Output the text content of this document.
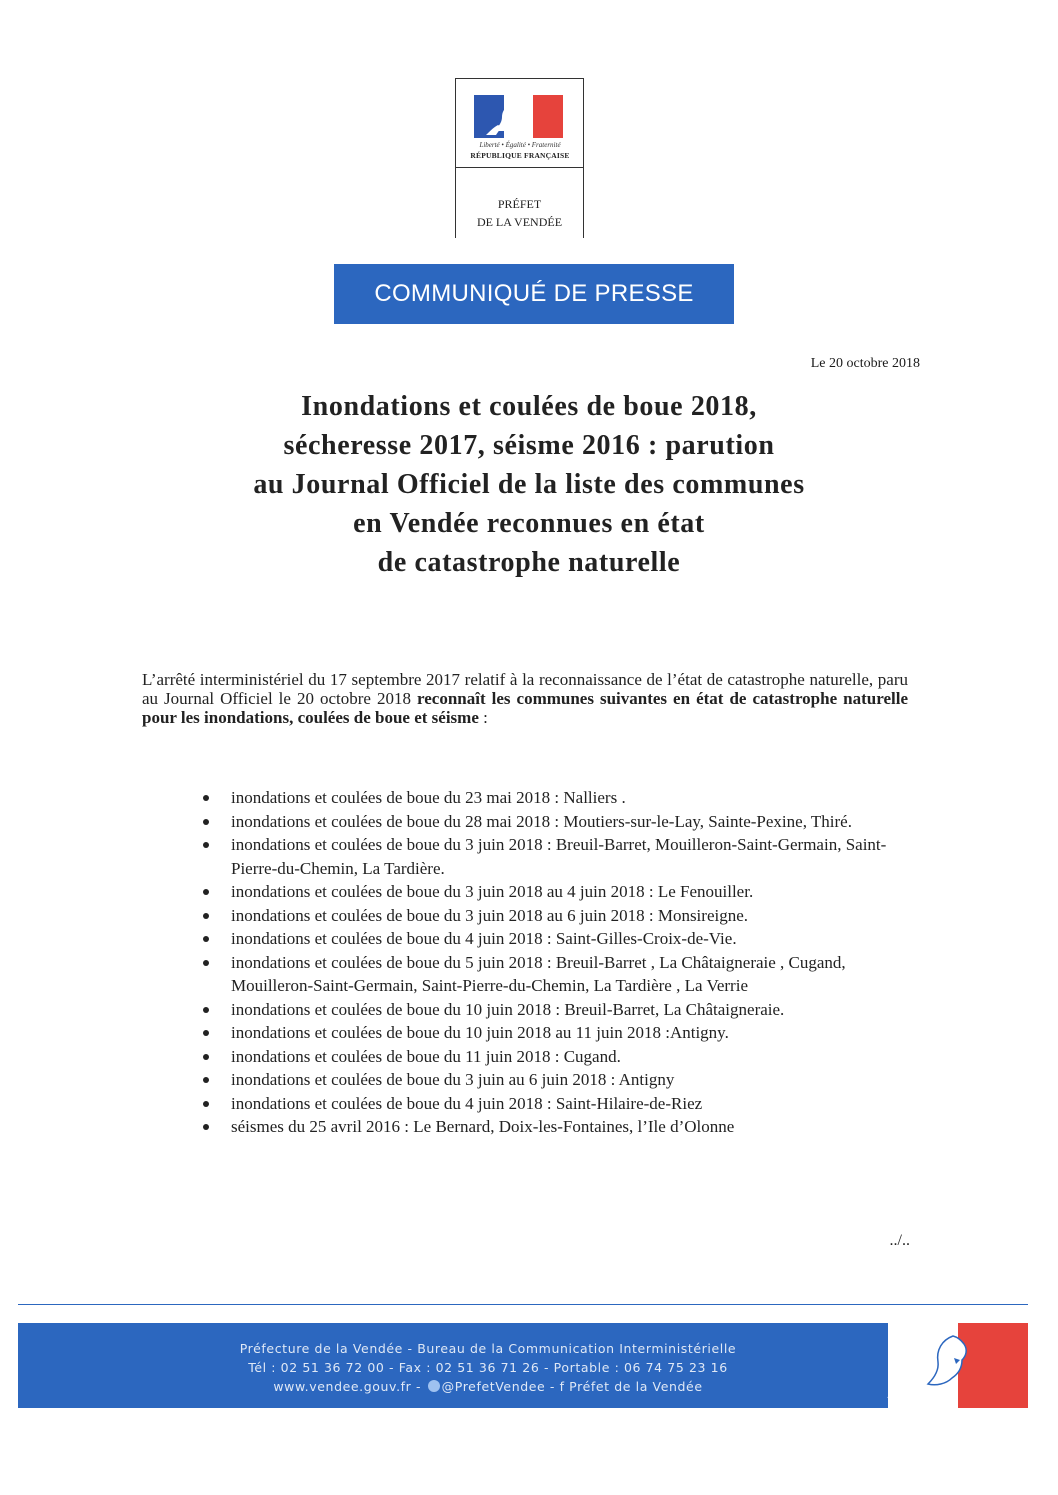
Liberté • Égalité • Fraternité
RÉPUBLIQUE FRANÇAISE
PRÉFET
DE LA VENDÉE
COMMUNIQUÉ DE PRESSE
Le 20 octobre 2018
Inondations et coulées de boue 2018,
sécheresse 2017, séisme 2016 : parution
au Journal Officiel de la liste des communes
en Vendée reconnues en état
de catastrophe naturelle

L’arrêté interministériel du 17 septembre 2017 relatif à la reconnaissance de l’état de catastrophe naturelle, paru au Journal Officiel le 20 octobre 2018 reconnaît les communes suivantes en état de catastrophe naturelle pour les inondations, coulées de boue et séisme :

inondations et coulées de boue du 23 mai 2018 : Nalliers .
inondations et coulées de boue du 28 mai 2018 : Moutiers-sur-le-Lay, Sainte-Pexine, Thiré.
inondations et coulées de boue du 3 juin 2018 : Breuil-Barret, Mouilleron-Saint-Germain, Saint-Pierre-du-Chemin, La Tardière.
inondations et coulées de boue du 3 juin 2018 au 4 juin 2018 : Le Fenouiller.
inondations et coulées de boue du 3 juin 2018 au 6 juin 2018 : Monsireigne.
inondations et coulées de boue du 4 juin 2018 : Saint-Gilles-Croix-de-Vie.
inondations et coulées de boue du 5 juin 2018 : Breuil-Barret , La Châtaigneraie , Cugand, Mouilleron-Saint-Germain, Saint-Pierre-du-Chemin, La Tardière , La Verrie
inondations et coulées de boue du 10 juin 2018 : Breuil-Barret, La Châtaigneraie.
inondations et coulées de boue du 10 juin 2018 au 11 juin 2018 :Antigny.
inondations et coulées de boue du 11 juin 2018 : Cugand.
inondations et coulées de boue du 3 juin au 6 juin 2018 : Antigny
inondations et coulées de boue du 4 juin 2018 : Saint-Hilaire-de-Riez
séismes du 25 avril 2016 : Le Bernard, Doix-les-Fontaines, l’Ile d’Olonne
../..
Préfecture de la Vendée - Bureau de la Communication Interministérielle
Tél : 02 51 36 72 00 - Fax : 02 51 36 71 26 - Portable : 06 74 75 23 16
www.vendee.gouv.fr - @PrefetVendee - f Préfet de la Vendée
